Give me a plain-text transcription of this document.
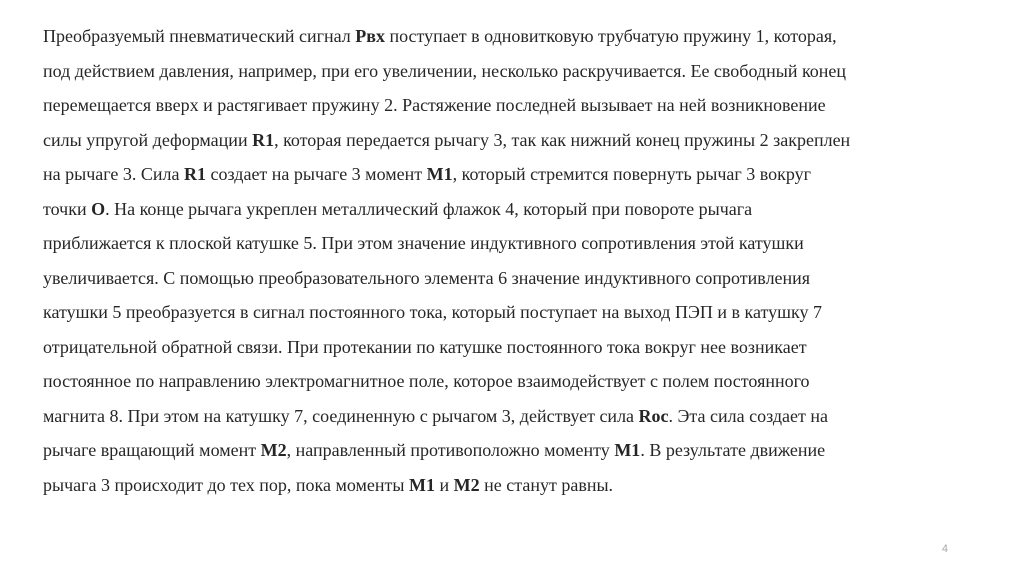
Преобразуемый пневматический сигнал Рвх поступает в одновитковую трубчатую пружину 1, которая,
под действием давления, например, при его увеличении, несколько раскручивается. Ее свободный конец
перемещается вверх и растягивает пружину 2. Растяжение последней вызывает на ней возникновение
силы упругой деформации R1, которая передается рычагу 3, так как нижний конец пружины 2 закреплен
на рычаге 3. Сила R1 создает на рычаге 3 момент М1, который стремится повернуть рычаг 3 вокруг
точки О. На конце рычага укреплен металлический флажок 4, который при повороте рычага
приближается к плоской катушке 5. При этом значение индуктивного сопротивления этой катушки
увеличивается. С помощью преобразовательного элемента 6 значение индуктивного сопротивления
катушки 5 преобразуется в сигнал постоянного тока, который поступает на выход ПЭП и в катушку 7
отрицательной обратной связи. При протекании по катушке постоянного тока вокруг нее возникает
постоянное по направлению электромагнитное поле, которое взаимодействует с полем постоянного
магнита 8. При этом на катушку 7, соединенную с рычагом 3, действует сила Rос. Эта сила создает на
рычаге вращающий момент М2, направленный противоположно моменту М1. В результате движение
рычага 3 происходит до тех пор, пока моменты М1 и М2 не станут равны.
4
